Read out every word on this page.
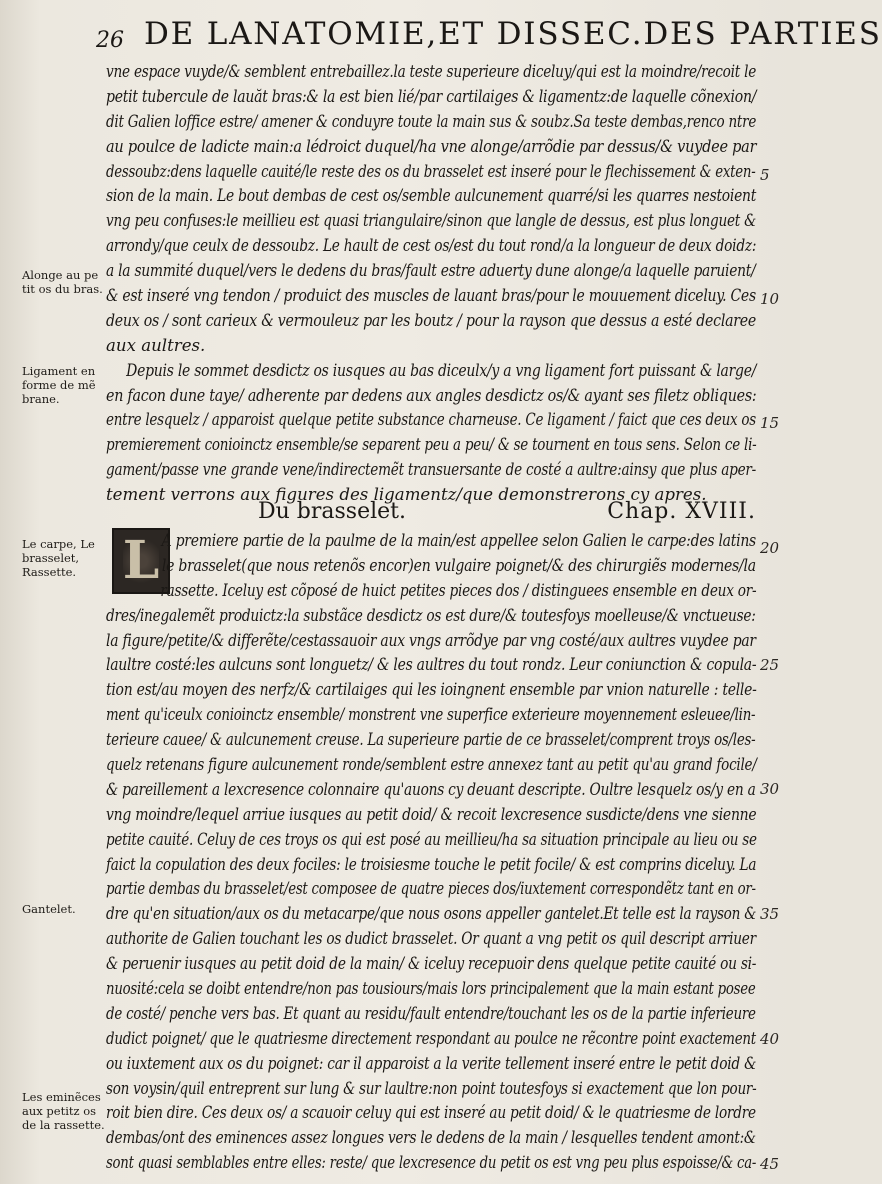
26 DE LANATOMIE,ET DISSEC.DES PARTIES
vne espace vuyde/& semblent entrebaillez.la teste superieure diceluy/qui est la moindre/recoit le
petit tubercule de lauăt bras:& la est bien lié/par cartilaiges & ligamentz:de laquelle cõnexion/
dit Galien loffice estre/ amener & conduyre toute la main sus & soubz.Sa teste dembas,renco ntre
au poulce de ladicte main:a lédroict duquel/ha vne alonge/arrõdie par dessus/& vuydee par
dessoubz:dens laquelle cauité/le reste des os du brasselet est inseré pour le flechissement & exten-
sion de la main. Le bout dembas de cest os/semble aulcunement quarré/si les quarres nestoient
vng peu confuses:le meillieu est quasi triangulaire/sinon que langle de dessus, est plus longuet &
arrondy/que ceulx de dessoubz. Le hault de cest os/est du tout rond/a la longueur de deux doidz:
a la summité duquel/vers le dedens du bras/fault estre aduerty dune alonge/a laquelle paruient/
& est inseré vng tendon / produict des muscles de lauant bras/pour le mouuement diceluy. Ces
deux os / sont carieux & vermouleuz par les boutz / pour la rayson que dessus a esté declaree
aux aultres.
Depuis le sommet desdictz os iusques au bas diceulx/y a vng ligament fort puissant & large/
en facon dune taye/ adherente par dedens aux angles desdictz os/& ayant ses filetz obliques:
entre lesquelz / apparoist quelque petite substance charneuse. Ce ligament / faict que ces deux os
premierement conioinctz ensemble/se separent peu a peu/ & se tournent en tous sens. Selon ce li-
gament/passe vne grande vene/indirectemẽt transuersante de costé a aultre:ainsy que plus aper-
tement verrons aux figures des ligamentz/que demonstrerons cy apres.
Du brasselet.	Chap. XVIII.
L A premiere partie de la paulme de la main/est appellee selon Galien le carpe:des latins
le brasselet(que nous retenõs encor)en vulgaire poignet/& des chirurgiẽs modernes/la
rassette. Iceluy est cõposé de huict petites pieces dos / distinguees ensemble en deux or-
dres/inegalemẽt produictz:la substãce desdictz os est dure/& toutesfoys moelleuse/& vnctueuse:
la figure/petite/& differẽte/cestassauoir aux vngs arrõdye par vng costé/aux aultres vuydee par
laultre costé:les aulcuns sont longuetz/ & les aultres du tout rondz. Leur coniunction & copula-
tion est/au moyen des nerfz/& cartilaiges qui les ioingnent ensemble par vnion naturelle : telle-
ment qu'iceulx conioinctz ensemble/ monstrent vne superfice exterieure moyennement esleuee/lin-
terieure cauee/ & aulcunement creuse. La superieure partie de ce brasselet/comprent troys os/les-
quelz retenans figure aulcunement ronde/semblent estre annexez tant au petit qu'au grand focile/
& pareillement a lexcresence colonnaire qu'auons cy deuant descripte. Oultre lesquelz os/y en a
vng moindre/lequel arriue iusques au petit doid/ & recoit lexcresence susdicte/dens vne sienne
petite cauité. Celuy de ces troys os qui est posé au meillieu/ha sa situation principale au lieu ou se
faict la copulation des deux fociles: le troisiesme touche le petit focile/ & est comprins diceluy. La
partie dembas du brasselet/est composee de quatre pieces dos/iuxtement correspondẽtz tant en or-
dre qu'en situation/aux os du metacarpe/que nous osons appeller gantelet.Et telle est la rayson &
authorite de Galien touchant les os dudict brasselet. Or quant a vng petit os quil descript arriuer
& peruenir iusques au petit doid de la main/ & iceluy recepuoir dens quelque petite cauité ou si-
nuosité:cela se doibt entendre/non pas tousiours/mais lors principalement que la main estant posee
de costé/ penche vers bas. Et quant au residu/fault entendre/touchant les os de la partie inferieure
dudict poignet/ que le quatriesme directement respondant au poulce ne rẽcontre point exactement
ou iuxtement aux os du poignet: car il apparoist a la verite tellement inseré entre le petit doid &
son voysin/quil entreprent sur lung & sur laultre:non point toutesfoys si exactement que lon pour-
roit bien dire. Ces deux os/ a scauoir celuy qui est inseré au petit doid/ & le quatriesme de lordre
dembas/ont des eminences assez longues vers le dedens de la main / lesquelles tendent amont:&
sont quasi semblables entre elles: reste/ que lexcresence du petit os est vng peu plus espoisse/& ca-
Alonge au pe tit os du bras.
Ligament en forme de mẽ brane.
Le carpe, Le brasselet, Rassette.
Gantelet.
Les eminẽces aux petitz os de la rassette.
5
10
15
20
25
30
35
40
45
